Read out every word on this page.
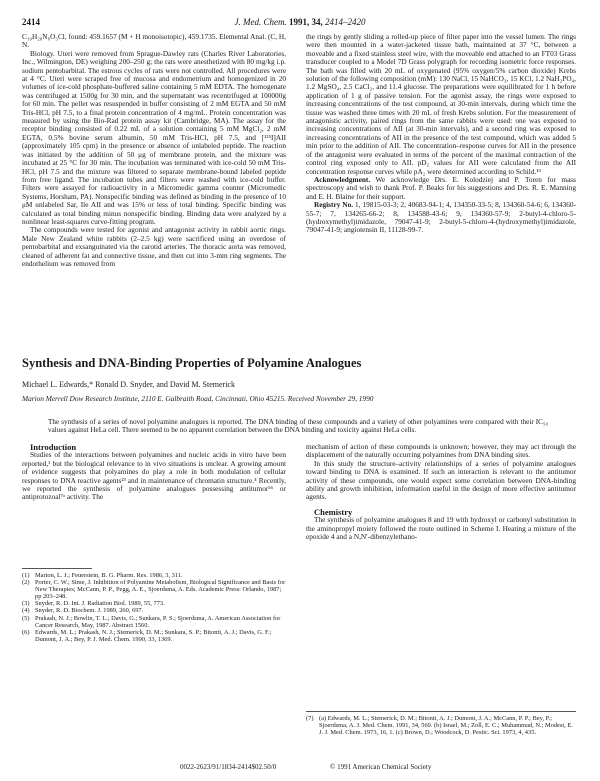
2414	J. Med. Chem. 1991, 34, 2414–2420

C₁₉H₂₈N₆O₃Cl, found: 459.1657 (M + H monoisotopic), 459.1735. Elemental Anal. (C, H, N.

Biology. Uteri were removed from Sprague-Dawley rats (Charles River Laboratories, Inc., Wilmington, DE) weighing 200–250 g; the rats were anesthetized with 80 mg/kg i.p. sodium pentobarbital. The estrous cycles of rats were not controlled. All procedures were at 4 °C. Uteri were scraped free of mucosa and endometrium and homogenized in 20 volumes of ice-cold phosphate-buffered saline containing 5 mM EDTA. The homogenate was centrifuged at 1500g for 30 min, and the supernatant was recentrifuged at 100000g for 60 min. The pellet was resuspended in buffer consisting of 2 mM EGTA and 50 mM Tris-HCl, pH 7.5, to a final protein concentration of 4 mg/mL. Protein concentration was measured by using the Bio-Rad protein assay kit (Cambridge, MA). The assay for the receptor binding consisted of 0.22 mL of a solution containing 5 mM MgCl₂, 2 mM EGTA, 0.5% bovine serum albumin, 50 mM Tris-HCl, pH 7.5, and [¹²⁵I]AII (approximately 105 cpm) in the presence or absence of unlabeled peptide. The reaction was initiated by the addition of 50 μg of membrane protein, and the mixture was incubated at 25 °C for 30 min. The incubation was terminated with ice-cold 50 mM Tris-HCl, pH 7.5 and the mixture was filtered to separate membrane-bound labeled peptide from free ligand. The incubation tubes and filters were washed with ice-cold buffer. Filters were assayed for radioactivity in a Micromedic gamma counter (Micromedic Systems, Horsham, PA). Nonspecific binding was defined as binding in the presence of 10 μM unlabeled Sar, Ile AII and was 15% or less of total binding. Specific binding was calculated as total binding minus nonspecific binding. Binding data were analyzed by a nonlinear least-squares curve-fitting program.

The compounds were tested for agonist and antagonist activity in rabbit aortic rings. Male New Zealand white rabbits (2–2.5 kg) were sacrificed using an overdose of pentobarbital and exsanguinated via the carotid arteries. The thoracic aorta was removed, cleaned of adherent fat and connective tissue, and then cut into 3-mm ring segments. The endothelium was removed from

the rings by gently sliding a rolled-up piece of filter paper into the vessel lumen. The rings were then mounted in a water-jacketed tissue bath, maintained at 37 °C, between a moveable and a fixed stainless steel wire, with the moveable end attached to an FT03 Grass transducer coupled to a Model 7D Grass polygraph for recording isometric force responses. The bath was filled with 20 mL of oxygenated (95% oxygen/5% carbon dioxide) Krebs solution of the following composition (mM): 130 NaCl, 15 NaHCO₃, 15 KCl, 1.2 NaH₂PO₄, 1.2 MgSO₄, 2.5 CaCl₂, and 11.4 glucose. The preparations were equilibrated for 1 h before application of 1 g of passive tension. For the agonist assay, the rings were exposed to increasing concentrations of the test compound, at 30-min intervals, during which time the tissue was washed three times with 20 mL of fresh Krebs solution. For the measurement of antagonistic activity, paired rings from the same rabbits were used: one was exposed to increasing concentrations of AII (at 30-min intervals), and a second ring was exposed to increasing concentrations of AII in the presence of the test compound, which was added 5 min prior to the addition of AII. The concentration–response curves for AII in the presence of the antagonist were evaluated in terms of the percent of the maximal contraction of the control ring exposed only to AII. pD₂ values for AII were calculated from the AII concentration response curves while pA₂ were determined according to Schild.¹³

Acknowledgment. We acknowledge Drs. E. Kolodziej and P. Toren for mass spectroscopy and wish to thank Prof. P. Beaks for his suggestions and Drs. R. E. Manning and E. H. Blaine for their support.

Registry No. 1, 19815-03-3; 2, 40683-94-1; 4, 134350-33-5; 8, 134360-54-6; 6, 134360-55-7; 7, 134265-66-2; 8, 134588-43-6; 9, 134360-57-9; 2-butyl-4-chloro-5-(hydroxymethyl)imidazole, 79047-41-9; 2-butyl-5-chloro-4-(hydroxymethyl)imidazole, 79047-41-9; angiotensin II, 11128-99-7.

Synthesis and DNA-Binding Properties of Polyamine Analogues
Michael L. Edwards,* Ronald D. Snyder, and David M. Stemerick
Marion Merrell Dow Research Institute, 2110 E. Galbraith Road, Cincinnati, Ohio 45215. Received November 29, 1990
The synthesis of a series of novel polyamine analogues is reported. The DNA binding of these compounds and a variety of other polyamines were compared with their IC₅₀ values against HeLa cell. There seemed to be no apparent correlation between the DNA binding and toxicity against HeLa cells.

Introduction

Studies of the interactions between polyamines and nucleic acids in vitro have been reported,¹ but the biological relevance to in vivo situations is unclear. A growing amount of evidence suggests that polyamines do play a role in both modulation of cellular responses to DNA reactive agents²³ and in maintenance of chromatin structure.⁴ Recently, we reported the synthesis of polyamine analogues possessing antitumor⁵⁶ or antiprotozoal⁷ᵃ activity. The

mechanism of action of these compounds is unknown; however, they may act through the displacement of the naturally occurring polyamines from DNA binding sites.

In this study the structure–activity relationships of a series of polyamine analogues toward binding to DNA is examined. If such an interaction is relevant to the antitumor activity of these compounds, one would expect some correlation between DNA-binding ability and growth inhibition, information useful in the design of more effective antitumor agents.

Chemistry

The synthesis of polyamine analogues 8 and 19 with hydroxyl or carbonyl substitution in the aminopropyl moiety followed the route outlined in Scheme I. Heating a mixture of the epoxide 4 and a N,N′-dibenzylethano-

(1) Marton, L. J.; Feuerstein, B. G. Pharm. Res. 1986, 3, 311.
(2) Porter, C. W.; Sime, J. Inhibition of Polyamine Metabolism, Biological Significance and Basis for New Therapies; McCann, P. P., Pegg, A. E., Sjoerdsma, A. Eds. Academic Press: Orlando, 1987; pp 203–248.
(3) Snyder, R. D. Int. J. Radiation Biol. 1989, 55, 773.
(4) Snyder, R. D. Biochem. J. 1989, 260, 697.
(5) Prakash, N. J.; Bowlin, T. L.; Davis, G.; Sunkara, P. S.; Sjoerdsma, A. American Association for Cancer Research, May, 1987. Abstract 1560.
(6) Edwards, M. L.; Prakash, N. J.; Stemerick, D. M.; Sunkara, S. P.; Bitonti, A. J.; Davis, G. F.; Dumont, J. A.; Bey, P. J. Med. Chem. 1990, 33, 1369.
(7) (a) Edwards, M. L.; Stemerick, D. M.; Bitonti, A. J.; Dumont, J. A.; McCann, P. P.; Bey, P.; Sjoerdsma, A. J. Med. Chem. 1991, 34, 569. (b) Israel, M.; Zoll, E. C.; Muhammad, N.; Modest, E. J. J. Med. Chem. 1973, 16, 1. (c) Brown, D.; Woodcock, D. Pestic. Sci. 1973, 4, 435.
0022-2623/91/1834-2414$02.50/0	© 1991 American Chemical Society
